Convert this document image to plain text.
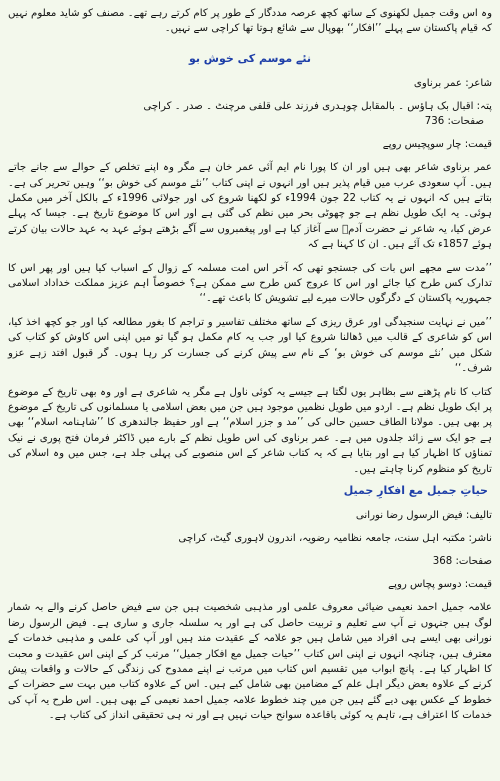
وہ اس وقت جمیل لکھنوی کے ساتھ کچھ عرصہ مددگار کے طور پر کام کرتے رہے تھے۔ مصنف کو شاید معلوم نہیں کہ قیام پاکستان سے پہلے ’’افکار‘‘ بھوپال سے شائع ہوتا تھا کراچی سے نہیں۔

نئے موسم کی خوش بو

شاعر: عمر برناوی

پتہ: اقبال بک ہاؤس ۔ بالمقابل چوہدری فرزند علی قلفی مرچنٹ ۔ صدر ۔ کراچی

صفحات: 736

قیمت: چار سوپچیس روپے

عمر برناوی شاعر بھی ہیں اور ان کا پورا نام ایم آئی عمر خان ہے مگر وہ اپنے تخلص کے حوالے سے جانے جاتے ہیں۔ آپ سعودی عرب میں قیام پذیر ہیں اور انہوں نے اپنی کتاب ’’نئے موسم کی خوش بو‘‘ وہیں تحریر کی ہے۔ بتاتے ہیں کہ انہوں نے یہ کتاب 22 جون 1994ء کو لکھنا شروع کی اور جولائی 1996ء کے بالکل آخر میں مکمل ہوئی۔ یہ ایک طویل نظم ہے جو چھوٹی بحر میں نظم کی گئی ہے اور اس کا موضوع تاریخ ہے۔ جیسا کہ پہلے عرض کیا، یہ شاعر نے حضرت آدمؑ سے آغاز کیا ہے اور پیغمبروں سے آگے بڑھتے ہوئے عہد بہ عہد حالات بیان کرتے ہوئے 1857ء تک آئے ہیں۔ ان کا کہنا ہے کہ

’’مدت سے مجھے اس بات کی جستجو تھی کہ آخر اس امت مسلمہ کے زوال کے اسباب کیا ہیں اور پھر اس کا تدارک کس طرح کیا جائے اور اس کا عروج کس طرح سے ممکن ہے؟ خصوصاً اہم عزیز مملکت خداداد اسلامی جمہوریہ پاکستان کے دگرگوں حالات میرے لیے تشویش کا باعث تھے۔‘‘

’’میں نے نہایت سنجیدگی اور عرق ریزی کے ساتھ مختلف تفاسیر و تراجم کا بغور مطالعہ کیا اور جو کچھ اخذ کیا، اس کو شاعری کے قالب میں ڈھالنا شروع کیا اور جب یہ کام مکمل ہو گیا تو میں اپنی اس کاوش کو کتاب کی شکل میں ’نئے موسم کی خوش بو‘ کے نام سے پیش کرنے کی جسارت کر رہا ہوں۔ گر قبول افتد زہے عزو شرف۔‘‘

کتاب کا نام پڑھنے سے بظاہر یوں لگتا ہے جیسے یہ کوئی ناول ہے مگر یہ شاعری ہے اور وہ بھی تاریخ کے موضوع پر ایک طویل نظم ہے۔ اردو میں طویل نظمیں موجود ہیں جن میں بعض اسلامی یا مسلمانوں کی تاریخ کے موضوع پر بھی ہیں۔ مولانا الطاف حسین حالی کی ’’مد و جزر اسلام‘‘ ہے اور حفیظ جالندھری کا ’’شاہنامہ اسلام‘‘ بھی ہے جو ایک سے زائد جلدوں میں ہے۔ عمر برناوی کی اس طویل نظم کے بارے میں ڈاکٹر فرمان فتح پوری نے نیک تمناؤں کا اظہار کیا ہے اور بتایا ہے کہ یہ کتاب شاعر کے اس منصوبے کی پہلی جلد ہے، جس میں وہ اسلام کی تاریخ کو منظوم کرنا چاہتے ہیں۔

حیاتِ جمیل مع افکارِ جمیل

تالیف: فیض الرسول رضا نورانی

ناشر: مکتبہ اہل سنت، جامعہ نظامیہ رضویہ، اندرون لاہوری گیٹ، کراچی

صفحات: 368

قیمت: دوسو پچاس روپے

علامہ جمیل احمد نعیمی ضیائی معروف علمی اور مذہبی شخصیت ہیں جن سے فیض حاصل کرنے والے بہ شمار لوگ ہیں جنہوں نے آپ سے تعلیم و تربیت حاصل کی ہے اور یہ سلسلہ جاری و ساری ہے۔ فیض الرسول رضا نورانی بھی ایسے ہی افراد میں شامل ہیں جو علامہ کے عقیدت مند ہیں اور آپ کی علمی و مذہبی خدمات کے معترف ہیں، چنانچہ انہوں نے اپنی اس کتاب ’’حیات جمیل مع افکار جمیل‘‘ مرتب کر کے اپنی اس عقیدت و محبت کا اظہار کیا ہے۔ پانچ ابواب میں تقسیم اس کتاب میں مرتب نے اپنے ممدوح کی زندگی کے حالات و واقعات پیش کرنے کے علاوہ بعض دیگر اہل علم کے مضامین بھی شامل کیے ہیں۔ اس کے علاوہ کتاب میں بہت سے حضرات کے خطوط کے عکس بھی دیے گئے ہیں جن میں چند خطوط علامہ جمیل احمد نعیمی کے بھی ہیں۔ اس طرح یہ آپ کی خدمات کا اعتراف ہے، تاہم یہ کوئی باقاعدہ سوانح حیات نہیں ہے اور نہ ہی تحقیقی انداز کی کتاب ہے۔
